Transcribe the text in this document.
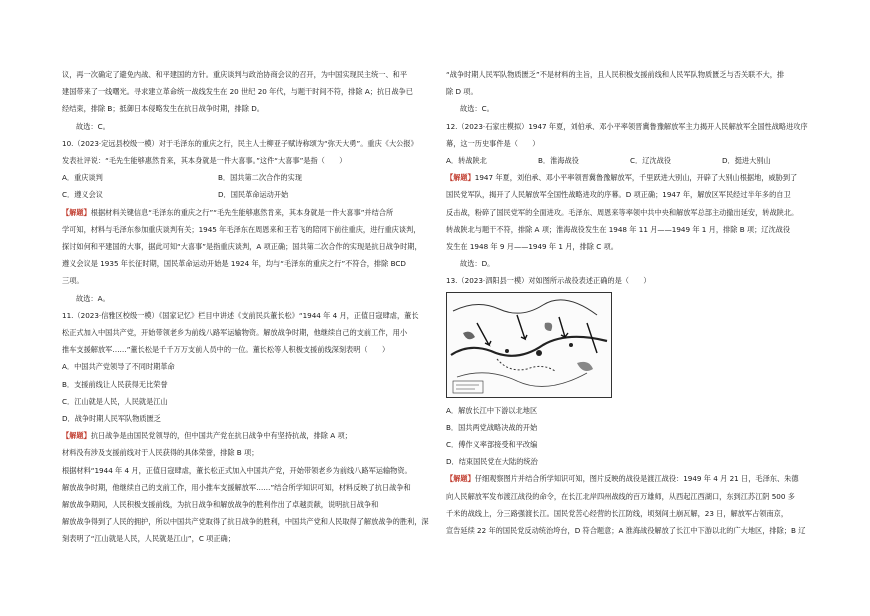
议，再一次确定了避免内战、和平建国的方针。重庆谈判与政治协商会议的召开，为中国实现民主统一、和平

建国带来了一线曙光。寻求建立革命统一战线发生在 20 世纪 20 年代，与题干时间不符，排除 A；抗日战争已

经结束，排除 B；抵御日本侵略发生在抗日战争时期，排除 D。

故选：C。

10.（2023·定远县校级一模）对于毛泽东的重庆之行，民主人士柳亚子赋诗称颂为“弥天大勇”。重庆《大公报》

发表社评说：“毛先生能够惠然肯来，其本身就是一件大喜事。”这件“大喜事”是指（　　）

A．重庆谈判	B．国共第二次合作的实现
C．遵义会议	D．国民革命运动开始

【解题】根据材料关键信息“毛泽东的重庆之行”“毛先生能够惠然肯来，其本身就是一件大喜事”并结合所

学可知，材料与毛泽东参加重庆谈判有关；1945 年毛泽东在周恩来和王若飞的陪同下前往重庆，进行重庆谈判，

探讨如何和平建国的大事，据此可知“大喜事”是指重庆谈判，A 项正确；国共第二次合作的实现是抗日战争时期，

遵义会议是 1935 年长征时期，国民革命运动开始是 1924 年，均与“毛泽东的重庆之行”不符合，排除 BCD

三项。

故选：A。

11.（2023·信雅区校级一模）《国家记忆》栏目中讲述《支前民兵董长松》“1944 年 4 月，正值日寇肆虐，董长

松正式加入中国共产党，开始带领老乡为前线八路军运输物资。解放战争时期，他继续自己的支前工作，用小

推车支援解放军……”董长松是千千万万支前人员中的一位。董长松等人积极支援前线深刻表明（　　）

A．中国共产党领导了不同时期革命

B．支援前线让人民获得无比荣誉

C．江山就是人民，人民就是江山

D．战争时期人民军队物质匮乏

【解题】抗日战争是由国民党领导的，但中国共产党在抗日战争中有坚持抗战，排除 A 项；

材料没有涉及支援前线对于人民获得的具体荣誉，排除 B 项；

根据材料“1944 年 4 月，正值日寇肆虐，董长松正式加入中国共产党，开始带领老乡为前线八路军运输物资。

解放战争时期，他继续自己的支前工作，用小推车支援解放军……”结合所学知识可知，材料反映了抗日战争和

解放战争期间，人民积极支援前线，为抗日战争和解放战争的胜利作出了卓越贡献，说明抗日战争和

解放战争得到了人民的拥护，所以中国共产党取得了抗日战争的胜利，中国共产党和人民取得了解放战争的胜利，深

刻表明了“江山就是人民，人民就是江山”，C 项正确；

“战争时期人民军队物质匮乏”不是材料的主旨，且人民积极支援前线和人民军队物质匮乏与否关联不大，排

除 D 项。

故选：C。

12.（2023·石家庄模拟）1947 年夏，刘伯承、邓小平率领晋冀鲁豫解放军主力揭开人民解放军全国性战略进攻序

幕，这一历史事件是（　　）

A．转战陕北	B．淮海战役	C．辽沈战役	D．挺进大别山

【解题】1947 年夏，刘伯承、邓小平率领晋冀鲁豫解放军，千里跃进大别山，开辟了大别山根据地，威胁到了

国民党军队，揭开了人民解放军全国性战略进攻的序幕。D 项正确；1947 年，解放区军民经过半年多的自卫

反击战，粉碎了国民党军的全面进攻。毛泽东、周恩来等率领中共中央和解放军总部主动撤出延安，转战陕北。

转战陕北与题干不符，排除 A 项；淮海战役发生在 1948 年 11 月——1949 年 1 月，排除 B 项；辽沈战役

发生在 1948 年 9 月——1949 年 1 月，排除 C 项。

故选：D。

13.（2023·泗阳县一模）对如图所示战役表述正确的是（　　）

A．解放长江中下游以北地区

B．国共两党战略决战的开始

C．傅作义率部接受和平改编

D．结束国民党在大陆的统治

【解题】仔细观察图片并结合所学知识可知，图片反映的战役是渡江战役：1949 年 4 月 21 日，毛泽东、朱德

向人民解放军发布渡江战役的命令，在长江北岸四州战线的百万雄师，从西起江西湖口，东到江苏江阴 500 多

千米的战线上，分三路强渡长江。国民党苦心经营的长江防线，顷刻间土崩瓦解，23 日，解放军占领南京，

宣告延续 22 年的国民党反动统治垮台，D 符合题意；A 淮海战役解放了长江中下游以北的广大地区，排除；B 辽
